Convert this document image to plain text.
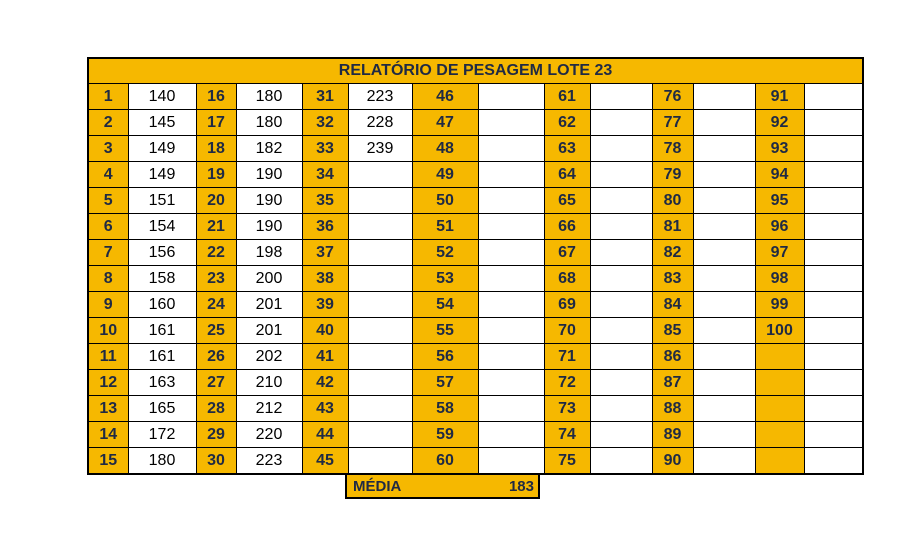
RELATÓRIO DE PESAGEM LOTE 23													
1	140	16	180	31	223	46		61		76		91	
2	145	17	180	32	228	47		62		77		92	
3	149	18	182	33	239	48		63		78		93	
4	149	19	190	34		49		64		79		94	
5	151	20	190	35		50		65		80		95	
6	154	21	190	36		51		66		81		96	
7	156	22	198	37		52		67		82		97	
8	158	23	200	38		53		68		83		98	
9	160	24	201	39		54		69		84		99	
10	161	25	201	40		55		70		85		100	
11	161	26	202	41		56		71		86			
12	163	27	210	42		57		72		87			
13	165	28	212	43		58		73		88			
14	172	29	220	44		59		74		89			
15	180	30	223	45		60		75		90			
MÉDIA	183
